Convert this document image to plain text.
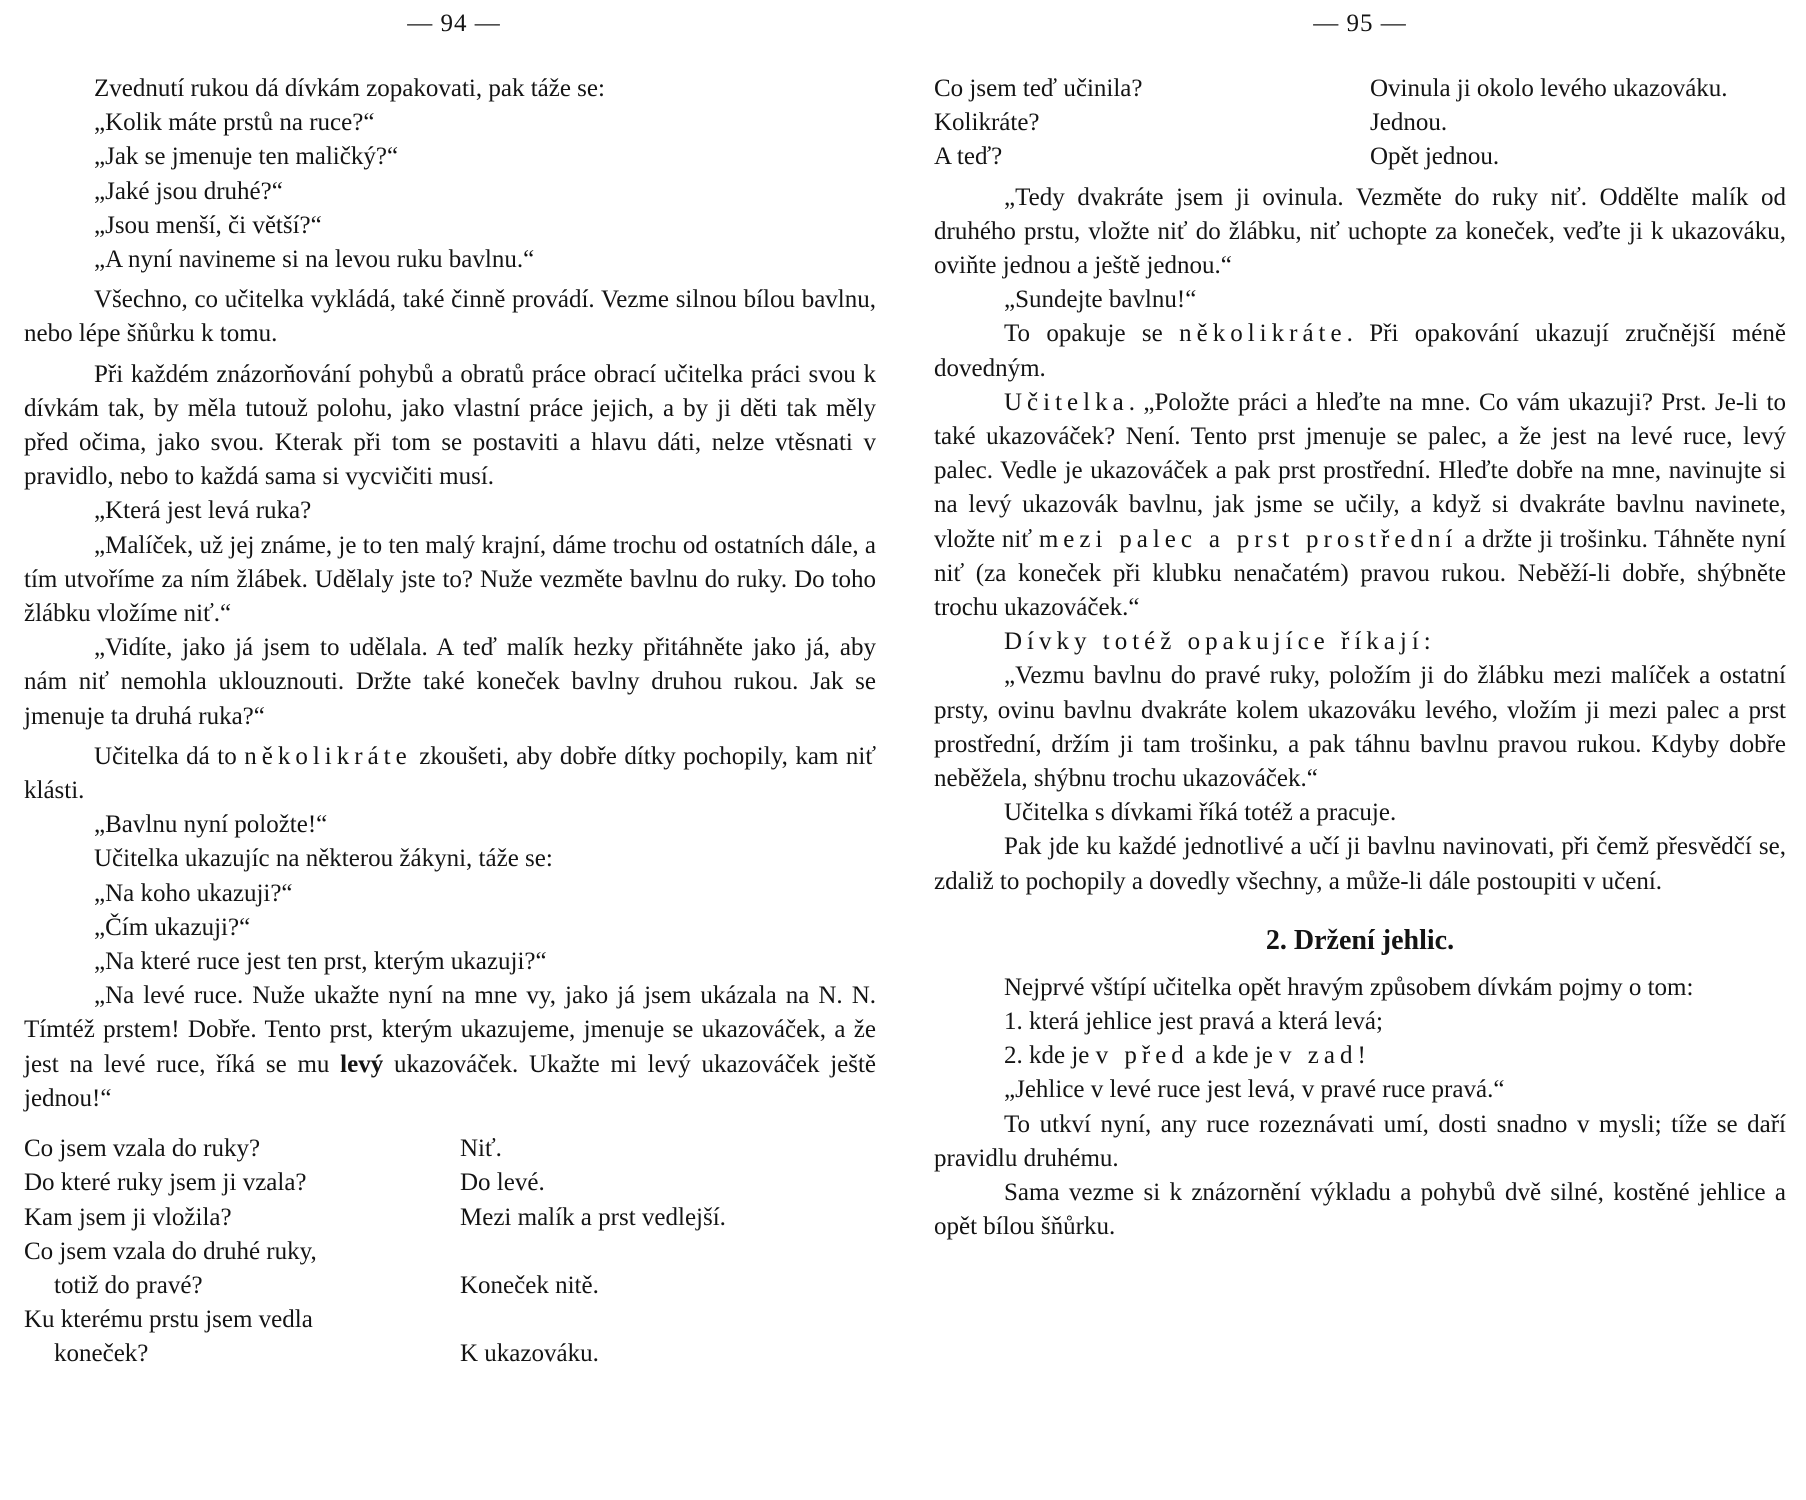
— 94 —

Zvednutí rukou dá dívkám zopakovati, pak táže se:

„Kolik máte prstů na ruce?“

„Jak se jmenuje ten maličký?“

„Jaké jsou druhé?“

„Jsou menší, či větší?“

„A nyní navineme si na levou ruku bavlnu.“

Všechno, co učitelka vykládá, také činně provádí. Vezme silnou bílou bavlnu, nebo lépe šňůrku k tomu.

Při každém znázorňování pohybů a obratů práce obrací učitelka práci svou k dívkám tak, by měla tutouž polohu, jako vlastní práce jejich, a by ji děti tak měly před očima, jako svou. Kterak při tom se postaviti a hlavu dáti, nelze vtěsnati v pravidlo, nebo to každá sama si vycvičiti musí.

„Která jest levá ruka?

„Malíček, už jej známe, je to ten malý krajní, dáme trochu od ostatních dále, a tím utvoříme za ním žlábek. Udělaly jste to? Nuže vezměte bavlnu do ruky. Do toho žlábku vložíme niť.“

„Vidíte, jako já jsem to udělala. A teď malík hezky přitáhněte jako já, aby nám niť nemohla uklouznouti. Držte také koneček bavlny druhou rukou. Jak se jmenuje ta druhá ruka?“

Učitelka dá to několikráte zkoušeti, aby dobře dítky pochopily, kam niť klásti.

„Bavlnu nyní položte!“

Učitelka ukazujíc na některou žákyni, táže se:

„Na koho ukazuji?“

„Čím ukazuji?“

„Na které ruce jest ten prst, kterým ukazuji?“

„Na levé ruce. Nuže ukažte nyní na mne vy, jako já jsem ukázala na N. N. Tímtéž prstem! Dobře. Tento prst, kterým ukazujeme, jmenuje se ukazováček, a že jest na levé ruce, říká se mu levý ukazováček. Ukažte mi levý ukazováček ještě jednou!“

Co jsem vzala do ruky?	Niť.
Do které ruky jsem ji vzala?	Do levé.
Kam jsem ji vložila?	Mezi malík a prst vedlejší.
Co jsem vzala do druhé ruky,
totiž do pravé?	Koneček nitě.
Ku kterému prstu jsem vedla
koneček?	K ukazováku.
— 95 —
Co jsem teď učinila?	Ovinula ji okolo levého ukazováku.
Kolikráte?	Jednou.
A teď?	Opět jednou.

„Tedy dvakráte jsem ji ovinula. Vezměte do ruky niť. Oddělte malík od druhého prstu, vložte niť do žlábku, niť uchopte za koneček, veďte ji k ukazováku, oviňte jednou a ještě jednou.“

„Sundejte bavlnu!“

To opakuje se několikráte. Při opakování ukazují zručnější méně dovedným.

Učitelka. „Položte práci a hleďte na mne. Co vám ukazuji? Prst. Je-li to také ukazováček? Není. Tento prst jmenuje se palec, a že jest na levé ruce, levý palec. Vedle je ukazováček a pak prst prostřední. Hleďte dobře na mne, navinujte si na levý ukazovák bavlnu, jak jsme se učily, a když si dvakráte bavlnu navinete, vložte niť mezi palec a prst prostřední a držte ji trošinku. Táhněte nyní niť (za koneček při klubku nenačatém) pravou rukou. Neběží-li dobře, shýbněte trochu ukazováček.“

Dívky totéž opakujíce říkají:

„Vezmu bavlnu do pravé ruky, položím ji do žlábku mezi malíček a ostatní prsty, ovinu bavlnu dvakráte kolem ukazováku levého, vložím ji mezi palec a prst prostřední, držím ji tam trošinku, a pak táhnu bavlnu pravou rukou. Kdyby dobře neběžela, shýbnu trochu ukazováček.“

Učitelka s dívkami říká totéž a pracuje.

Pak jde ku každé jednotlivé a učí ji bavlnu navinovati, při čemž přesvědčí se, zdaliž to pochopily a dovedly všechny, a může-li dále postoupiti v učení.

2. Držení jehlic.

Nejprvé vštípí učitelka opět hravým způsobem dívkám pojmy o tom:

1. která jehlice jest pravá a která levá;

2. kde je v před a kde je v zad!

„Jehlice v levé ruce jest levá, v pravé ruce pravá.“

To utkví nyní, any ruce rozeznávati umí, dosti snadno v mysli; tíže se daří pravidlu druhému.

Sama vezme si k znázornění výkladu a pohybů dvě silné, kostěné jehlice a opět bílou šňůrku.
